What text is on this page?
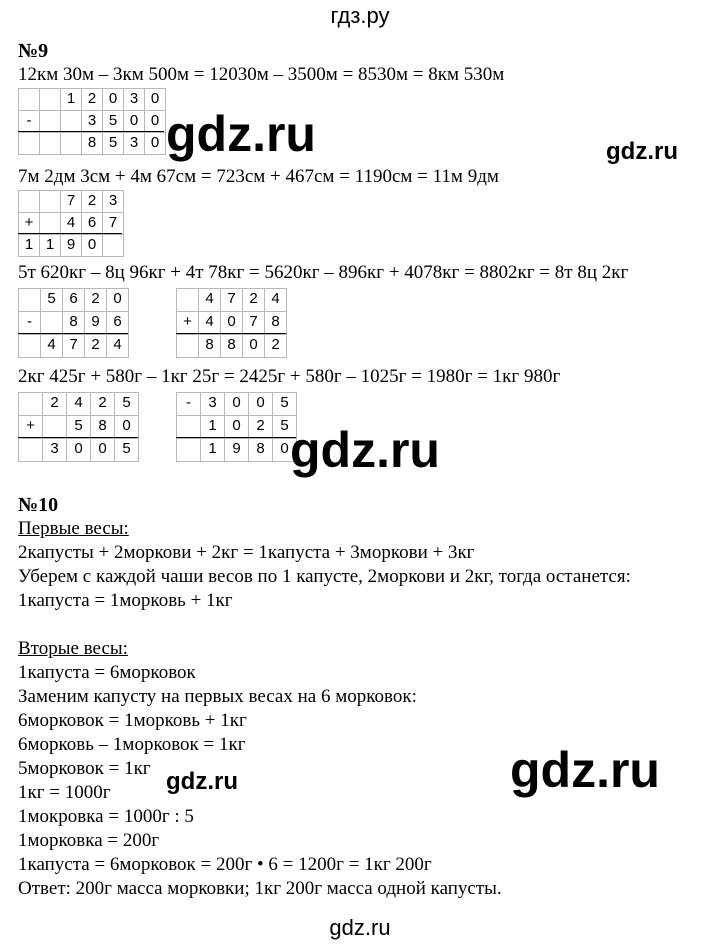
гдз.ру
№9
12км 30м – 3км 500м = 12030м – 3500м = 8530м = 8км 530м
1 2 0 3 0
-	3 5 0 0
8 5 3 0
7м 2дм 3см + 4м 67см = 723см + 467см = 1190см = 11м 9дм
7 2 3
+	4 6 7
1 1 9 0
5т 620кг – 8ц 96кг + 4т 78кг = 5620кг – 896кг + 4078кг = 8802кг = 8т 8ц 2кг
5 6 2 0
-	8 9 6
4 7 2 4
4 7 2 4
+ 4 0 7 8
8 8 0 2
2кг 425г + 580г – 1кг 25г = 2425г + 580г – 1025г = 1980г = 1кг 980г
2	4	2	5
+	5	8	0
3	0	0	5
-	3	0	0	5
1	0	2	5
1	9	8	0
№10
Первые весы:
2капусты + 2моркови + 2кг = 1капуста + 3моркови + 3кг
Уберем с каждой чаши весов по 1 капусте, 2моркови и 2кг, тогда останется:
1капуста = 1морковь + 1кг
Вторые весы:
1капуста = 6морковок
Заменим капусту на первых весах на 6 морковок:
6морковок = 1морковь + 1кг
6морковь – 1морковок = 1кг
5морковок = 1кг
1кг = 1000г
1мокровка = 1000г : 5
1морковка = 200г
1капуста = 6морковок = 200г • 6 = 1200г = 1кг 200г
Ответ: 200г масса морковки; 1кг 200г масса одной капусты.
gdz.ru	gdz.ru
gdz.ru
gdz.ru
gdz.ru
gdz.ru
